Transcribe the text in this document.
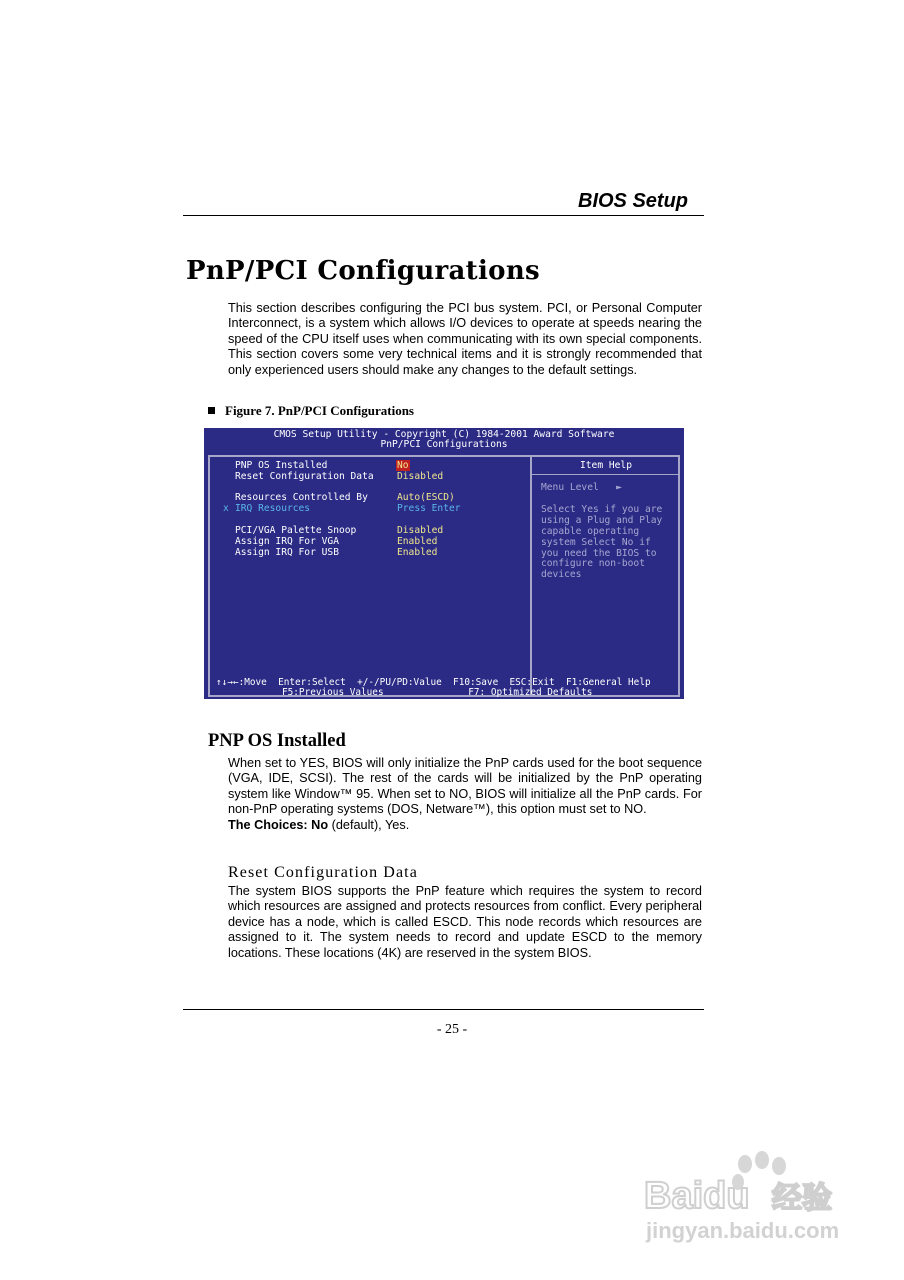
BIOS Setup
PnP/PCI Configurations
This section describes configuring the PCI bus system. PCI, or Personal Computer Interconnect, is a system which allows I/O devices to operate at speeds nearing the speed of the CPU itself uses when communicating with its own special components. This section covers some very technical items and it is strongly recommended that only experienced users should make any changes to the default settings.
Figure 7. PnP/PCI Configurations
CMOS Setup Utility - Copyright (C) 1984-2001 Award Software
PnP/PCI Configurations
PNP OS Installed	No
Reset Configuration Data Disabled
Resources Controlled By	Auto(ESCD)
x IRQ Resources	Press Enter
PCI/VGA Palette Snoop	Disabled
Assign IRQ For VGA	Enabled
Assign IRQ For USB	Enabled
Item Help
Menu Level   ►
Select Yes if you are
using a Plug and Play
capable operating
system Select No if
you need the BIOS to
configure non-boot
devices
↑↓→←:Move  Enter:Select  +/-/PU/PD:Value  F10:Save  ESC:Exit  F1:General Help
F5:Previous Values               F7: Optimized Defaults
PNP OS Installed
When set to YES, BIOS will only initialize the PnP cards used for the boot sequence (VGA, IDE, SCSI). The rest of the cards will be initialized by the PnP operating system like Window™ 95. When set to NO, BIOS will initialize all the PnP cards. For non-PnP operating systems (DOS, Netware™), this option must set to NO.
The Choices: No (default), Yes.
Reset Configuration Data
The system BIOS supports the PnP feature which requires the system to record which resources are assigned and protects resources from conflict. Every peripheral device has a node, which is called ESCD. This node records which resources are assigned to it. The system needs to record and update ESCD to the memory locations. These locations (4K) are reserved in the system BIOS.
- 25 -
Baidu 经验
jingyan.baidu.com
